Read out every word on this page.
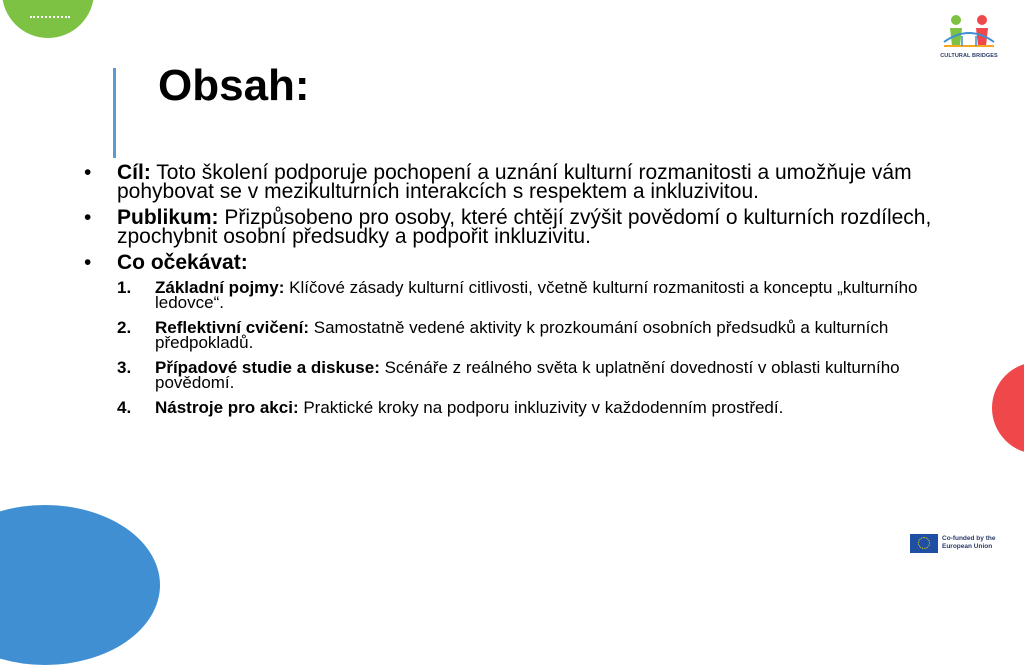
CULTURAL BRIDGES
Obsah:
• Cíl: Toto školení podporuje pochopení a uznání kulturní rozmanitosti a umožňuje vám pohybovat se v mezikulturních interakcích s respektem a inkluzivitou.
• Publikum: Přizpůsobeno pro osoby, které chtějí zvýšit povědomí o kulturních rozdílech, zpochybnit osobní předsudky a podpořit inkluzivitu.
• Co očekávat:
1. Základní pojmy: Klíčové zásady kulturní citlivosti, včetně kulturní rozmanitosti a konceptu „kulturního ledovce“.
2. Reflektivní cvičení: Samostatně vedené aktivity k prozkoumání osobních předsudků a kulturních předpokladů.
3. Případové studie a diskuse: Scénáře z reálného světa k uplatnění dovedností v oblasti kulturního povědomí.
4. Nástroje pro akci: Praktické kroky na podporu inkluzivity v každodenním prostředí.
Co-funded by the European Union
